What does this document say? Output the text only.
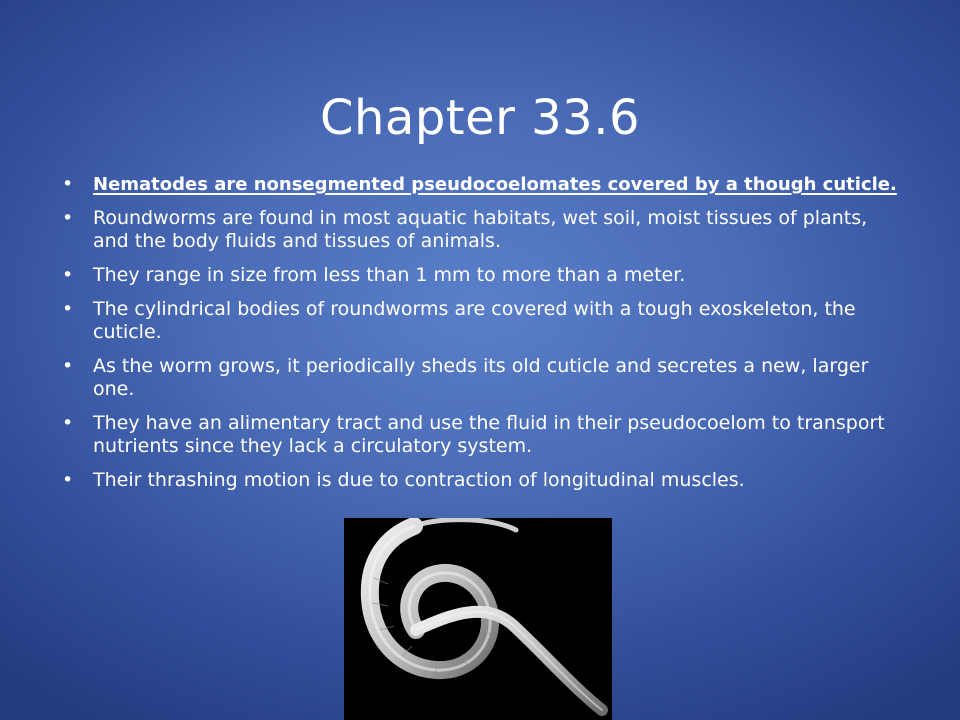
Chapter 33.6
• Nematodes are nonsegmented pseudocoelomates covered by a though cuticle.
• Roundworms are found in most aquatic habitats, wet soil, moist tissues of plants, and the body fluids and tissues of animals.
• They range in size from less than 1 mm to more than a meter.
• The cylindrical bodies of roundworms are covered with a tough exoskeleton, the cuticle.
• As the worm grows, it periodically sheds its old cuticle and secretes a new, larger one.
• They have an alimentary tract and use the fluid in their pseudocoelom to transport nutrients since they lack a circulatory system.
• Their thrashing motion is due to contraction of longitudinal muscles.
